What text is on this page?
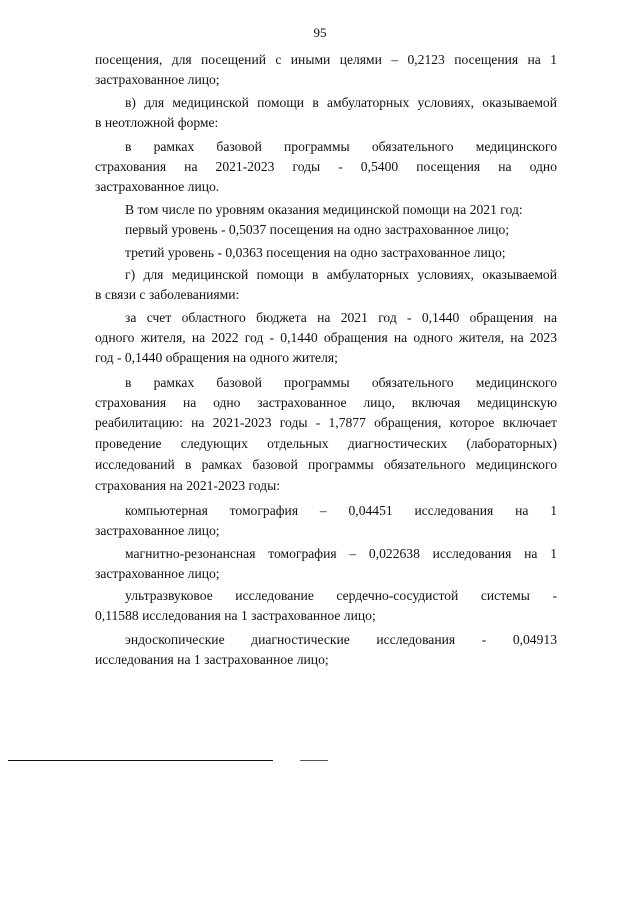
95
посещения, для посещений с иными целями – 0,2123 посещения на 1
застрахованное лицо;
в) для медицинской помощи в амбулаторных условиях, оказываемой
в неотложной форме:
в рамках базовой программы обязательного медицинского
страхования на 2021-2023 годы - 0,5400 посещения на одно
застрахованное лицо.
В том числе по уровням оказания медицинской помощи на 2021 год:
первый уровень - 0,5037 посещения на одно застрахованное лицо;
третий уровень - 0,0363 посещения на одно застрахованное лицо;
г) для медицинской помощи в амбулаторных условиях, оказываемой
в связи с заболеваниями:
за счет областного бюджета на 2021 год - 0,1440 обращения на
одного жителя, на 2022 год - 0,1440 обращения на одного жителя, на 2023
год - 0,1440 обращения на одного жителя;
в рамках базовой программы обязательного медицинского
страхования на одно застрахованное лицо, включая медицинскую
реабилитацию: на 2021-2023 годы - 1,7877 обращения, которое включает
проведение следующих отдельных диагностических (лабораторных)
исследований в рамках базовой программы обязательного медицинского
страхования на 2021-2023 годы:
компьютерная томография – 0,04451 исследования на 1
застрахованное лицо;
магнитно-резонансная томография – 0,022638 исследования на 1
застрахованное лицо;
ультразвуковое исследование сердечно-сосудистой системы -
0,11588 исследования на 1 застрахованное лицо;
эндоскопические диагностические исследования - 0,04913
исследования на 1 застрахованное лицо;
